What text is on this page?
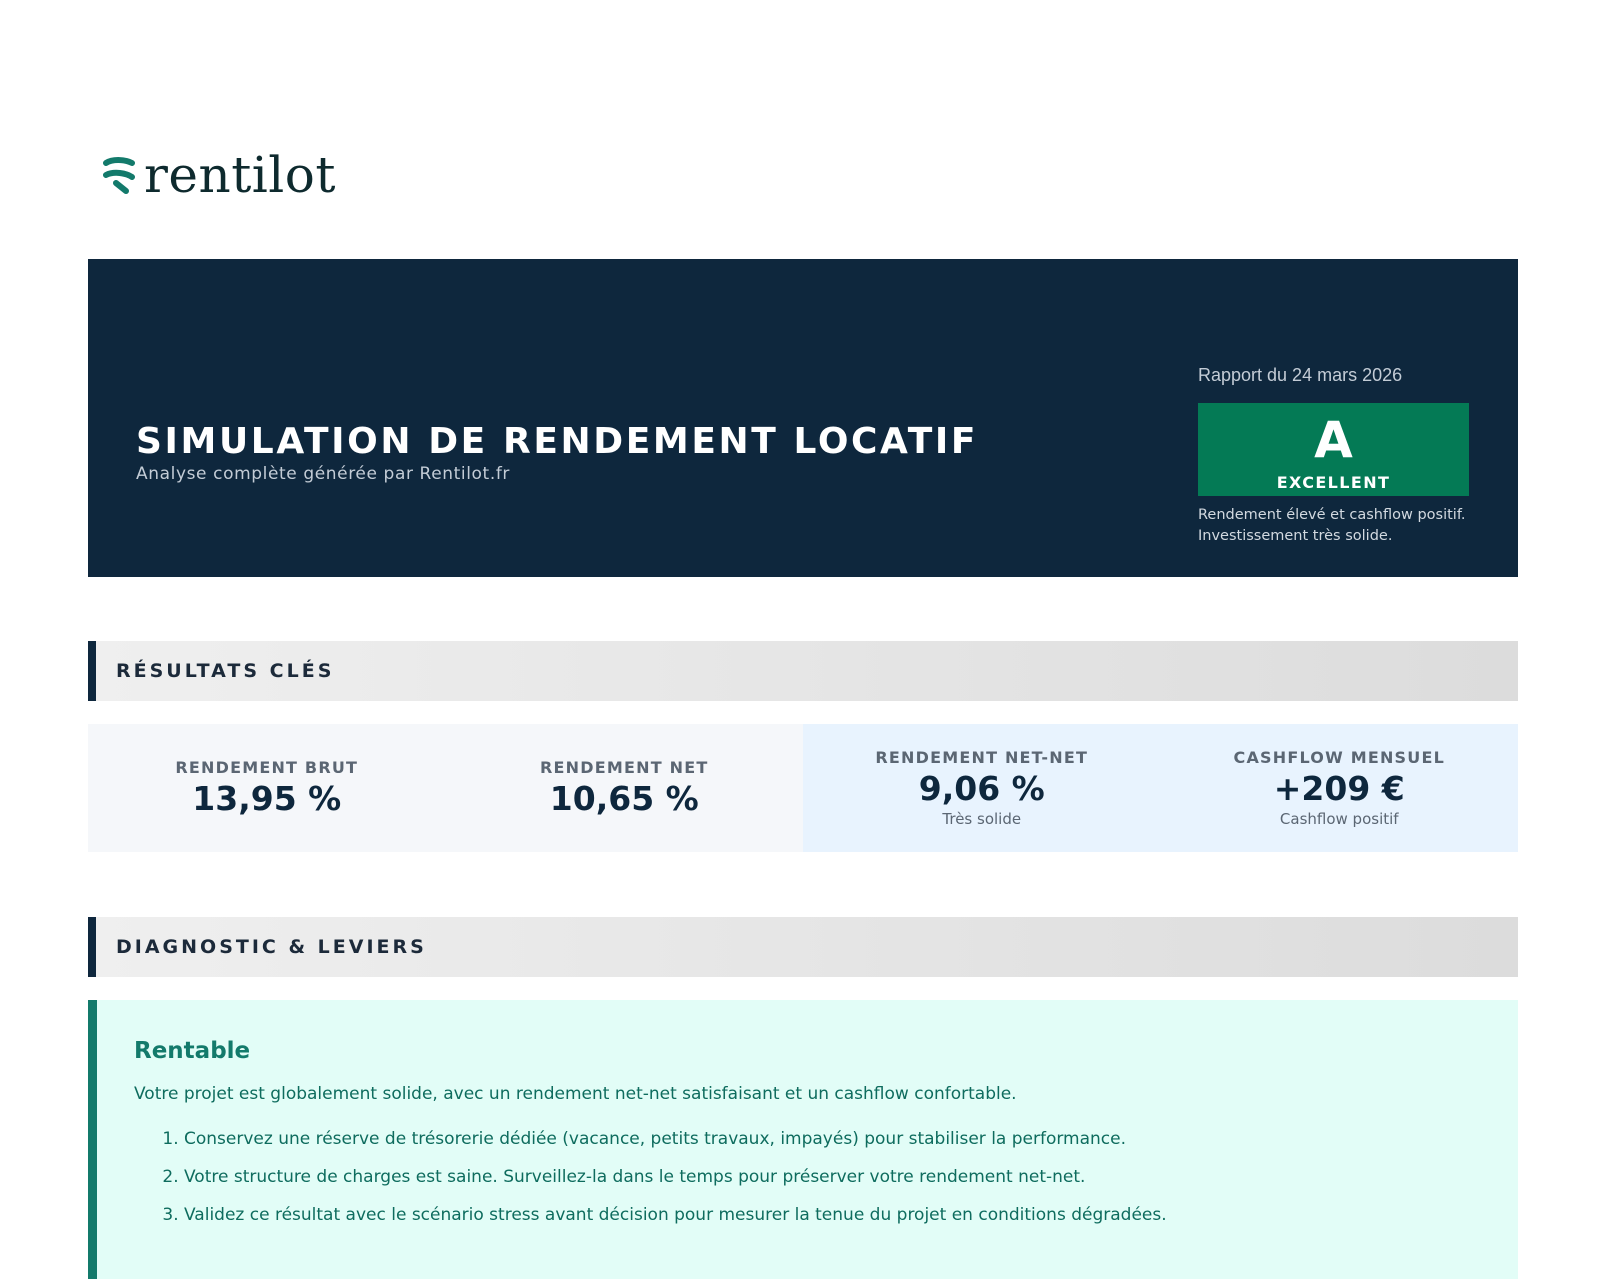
rentilot
SIMULATION DE RENDEMENT LOCATIF
Analyse complète générée par Rentilot.fr
Rapport du 24 mars 2026
A
EXCELLENT
Rendement élevé et cashflow positif.
Investissement très solide.
RÉSULTATS CLÉS
RENDEMENT BRUT
13,95 %
RENDEMENT NET
10,65 %
RENDEMENT NET-NET
9,06 %
Très solide
CASHFLOW MENSUEL
+209 €
Cashflow positif
DIAGNOSTIC & LEVIERS
Rentable
Votre projet est globalement solide, avec un rendement net-net satisfaisant et un cashflow confortable.
1. Conservez une réserve de trésorerie dédiée (vacance, petits travaux, impayés) pour stabiliser la performance.
2. Votre structure de charges est saine. Surveillez-la dans le temps pour préserver votre rendement net-net.
3. Validez ce résultat avec le scénario stress avant décision pour mesurer la tenue du projet en conditions dégradées.
